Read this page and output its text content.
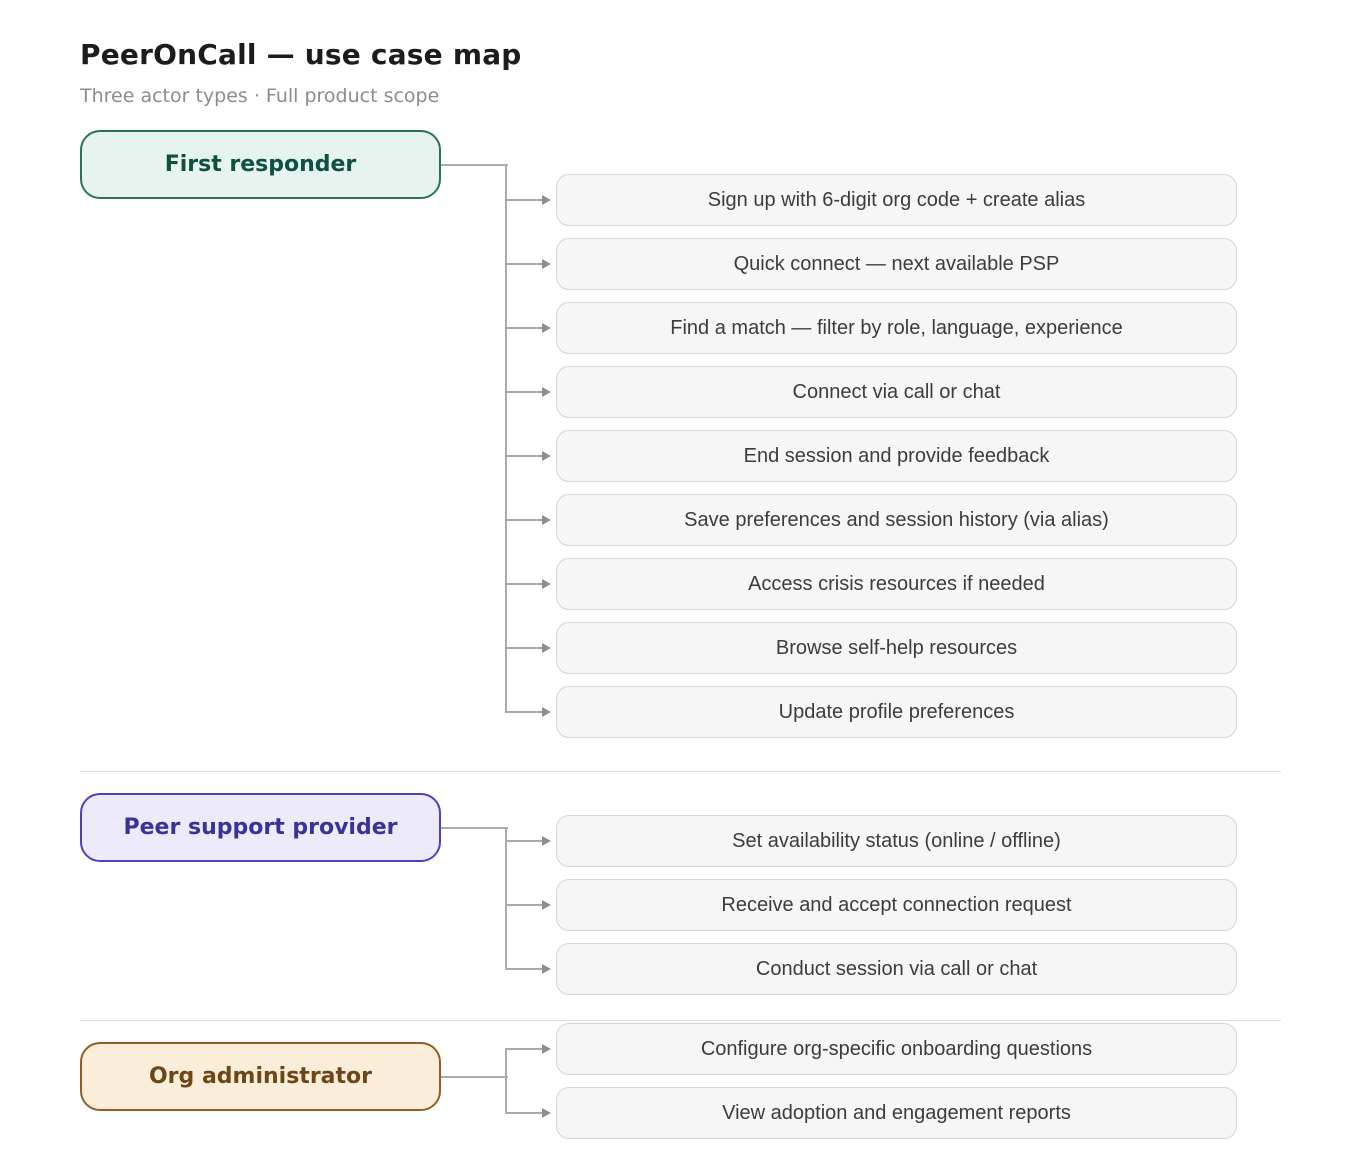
PeerOnCall — use case map
Three actor types · Full product scope
First responder
Sign up with 6-digit org code + create alias
Quick connect — next available PSP
Find a match — filter by role, language, experience
Connect via call or chat
End session and provide feedback
Save preferences and session history (via alias)
Access crisis resources if needed
Browse self-help resources
Update profile preferences
Peer support provider
Set availability status (online / offline)
Receive and accept connection request
Conduct session via call or chat
Org administrator
Configure org-specific onboarding questions
View adoption and engagement reports
